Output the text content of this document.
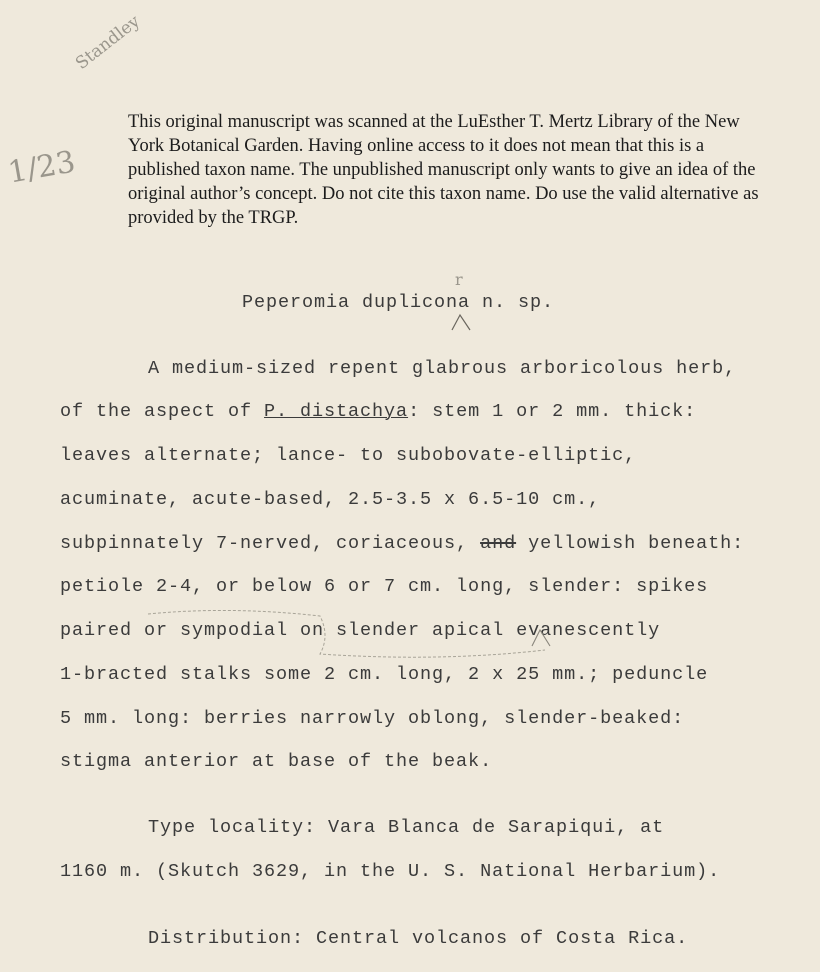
Standley
1/23
This original manuscript was scanned at the LuEsther T. Mertz Library of the New York Botanical Garden. Having online access to it does not mean that this is a published taxon name. The unpublished manuscript only wants to give an idea of the original author’s concept. Do not cite this taxon name. Do use the valid alternative as provided by the TRGP.
r
Peperomia duplicona n. sp.
A medium-sized repent glabrous arboricolous herb,
of the aspect of P. distachya: stem 1 or 2 mm. thick:
leaves alternate; lance- to subobovate-elliptic,
acuminate, acute-based, 2.5-3.5 x 6.5-10 cm.,
subpinnately 7-nerved, coriaceous, and yellowish beneath:
petiole 2-4, or below 6 or 7 cm. long, slender: spikes
paired or sympodial on slender apical evanescently
1-bracted stalks some 2 cm. long, 2 x 25 mm.; peduncle
5 mm. long: berries narrowly oblong, slender-beaked:
stigma anterior at base of the beak.
Type locality: Vara Blanca de Sarapiqui, at
1160 m. (Skutch 3629, in the U. S. National Herbarium).
Distribution: Central volcanos of Costa Rica.
